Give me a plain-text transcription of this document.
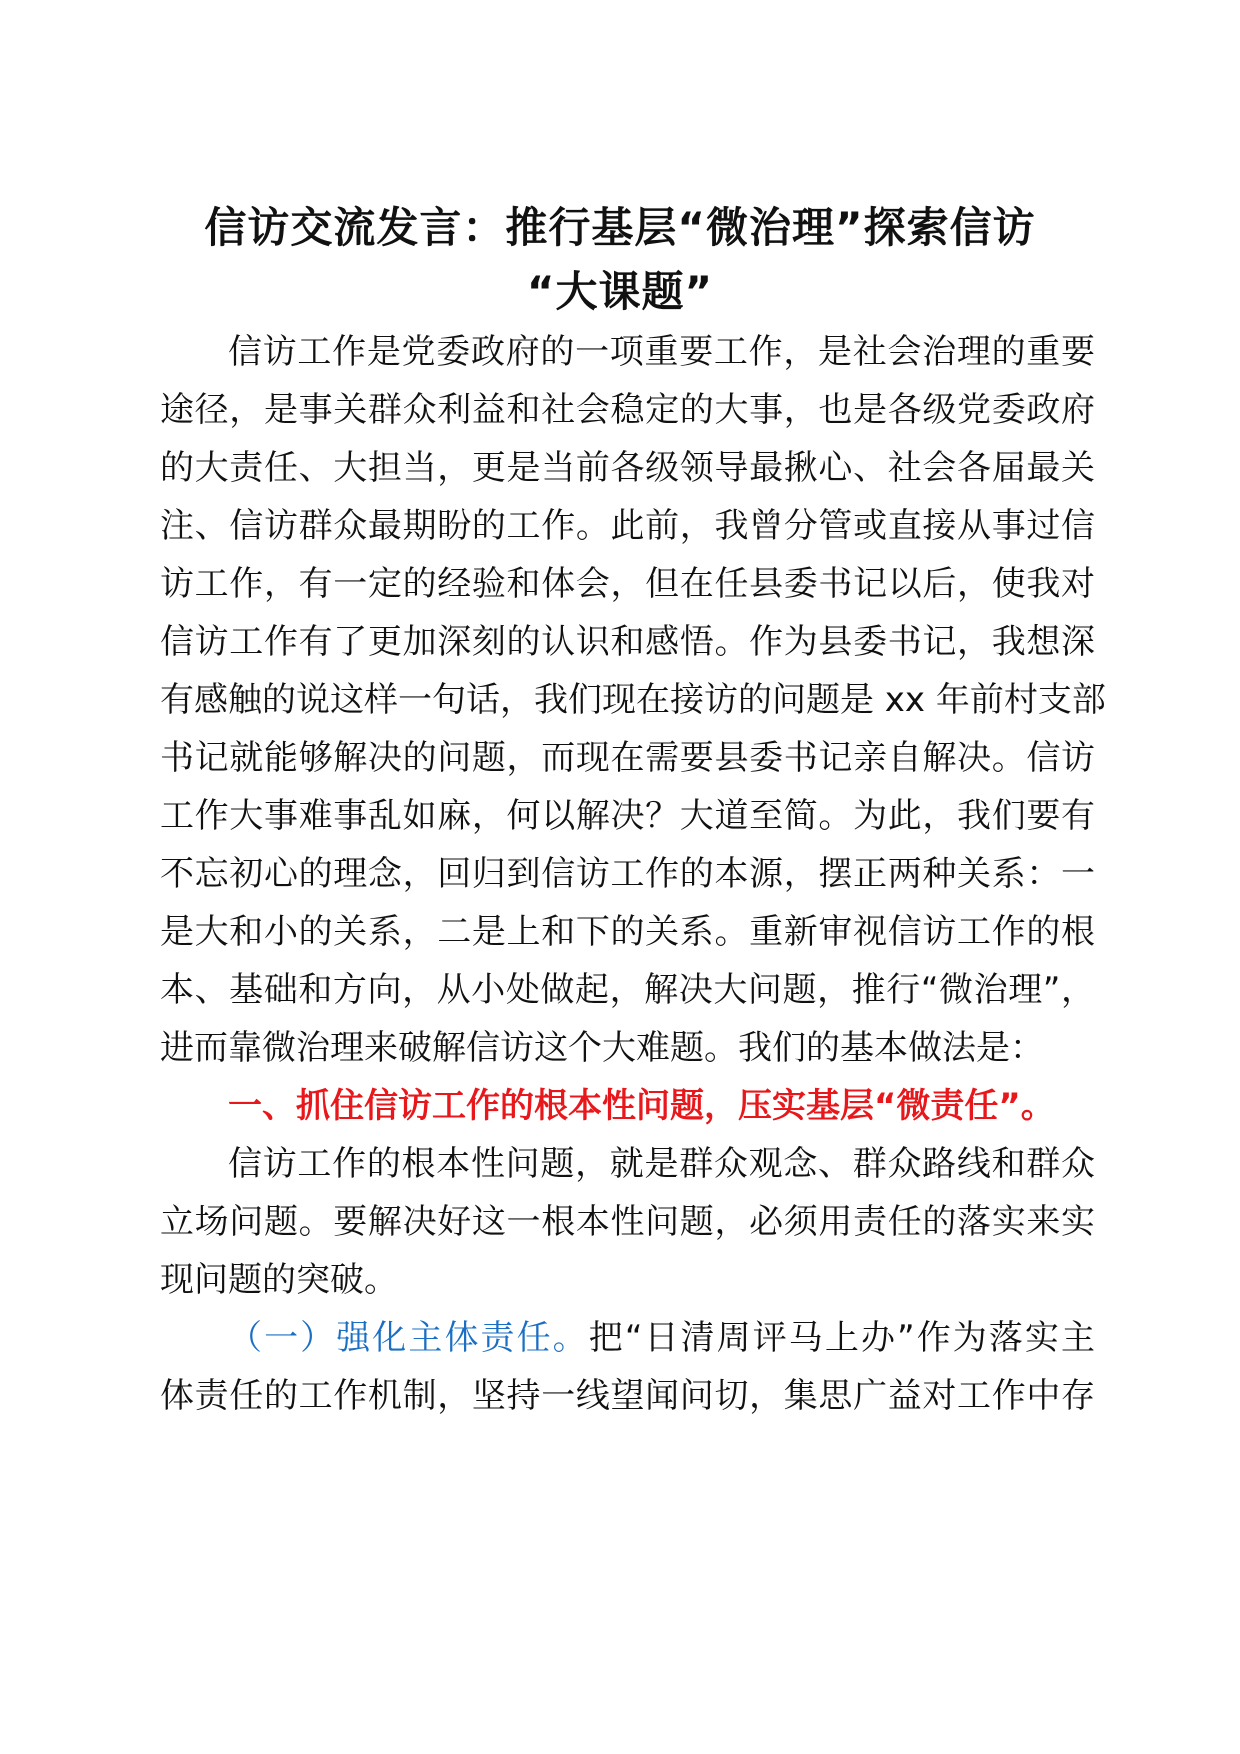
信访交流发言：推行基层“微治理”探索信访
“大课题”
信访工作是党委政府的一项重要工作，是社会治理的重要
途径，是事关群众利益和社会稳定的大事，也是各级党委政府
的大责任、大担当，更是当前各级领导最揪心、社会各届最关
注、信访群众最期盼的工作。此前，我曾分管或直接从事过信
访工作，有一定的经验和体会，但在任县委书记以后，使我对
信访工作有了更加深刻的认识和感悟。作为县委书记，我想深
有感触的说这样一句话，我们现在接访的问题是 xx 年前村支部
书记就能够解决的问题，而现在需要县委书记亲自解决。信访
工作大事难事乱如麻，何以解决？大道至简。为此，我们要有
不忘初心的理念，回归到信访工作的本源，摆正两种关系：一
是大和小的关系，二是上和下的关系。重新审视信访工作的根
本、基础和方向，从小处做起，解决大问题，推行“微治理”，
进而靠微治理来破解信访这个大难题。我们的基本做法是：
一、抓住信访工作的根本性问题，压实基层“微责任”。
信访工作的根本性问题，就是群众观念、群众路线和群众
立场问题。要解决好这一根本性问题，必须用责任的落实来实
现问题的突破。
（一）强化主体责任。把“日清周评马上办”作为落实主
体责任的工作机制，坚持一线望闻问切，集思广益对工作中存
